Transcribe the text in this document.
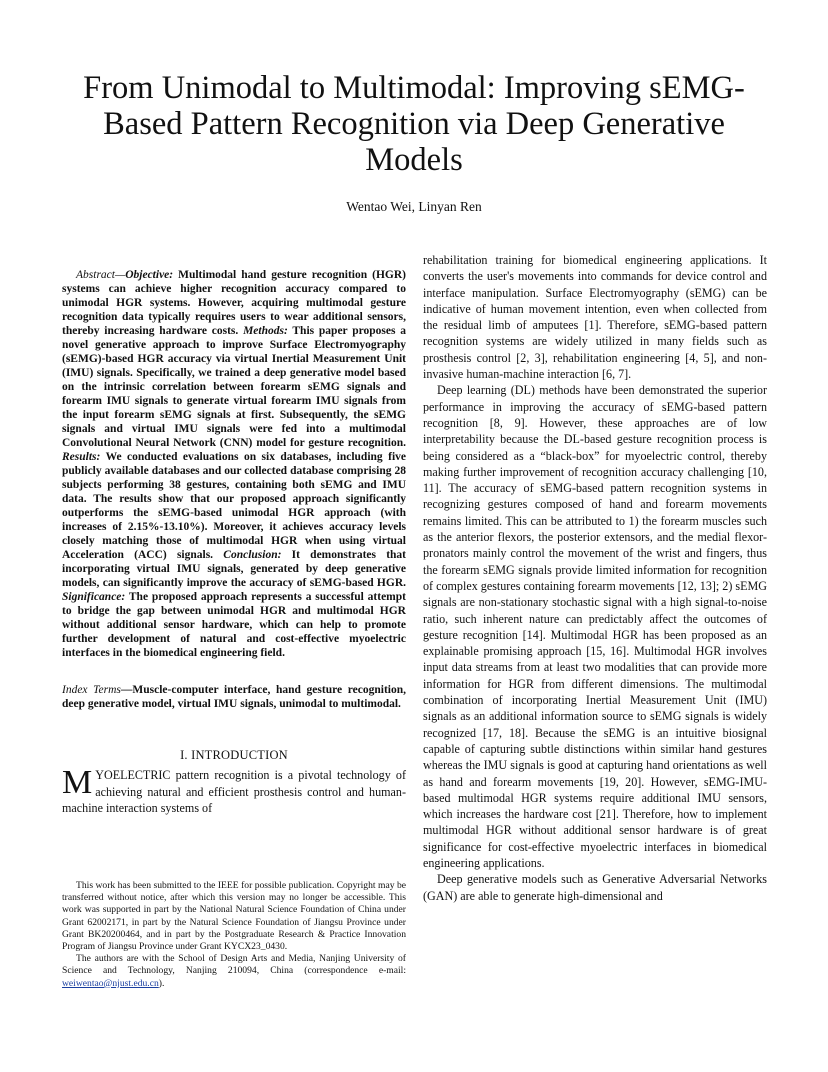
From Unimodal to Multimodal: Improving sEMG-Based Pattern Recognition via Deep Generative Models
Wentao Wei, Linyan Ren

Abstract—Objective: Multimodal hand gesture recognition (HGR) systems can achieve higher recognition accuracy compared to unimodal HGR systems. However, acquiring multimodal gesture recognition data typically requires users to wear additional sensors, thereby increasing hardware costs. Methods: This paper proposes a novel generative approach to improve Surface Electromyography (sEMG)-based HGR accuracy via virtual Inertial Measurement Unit (IMU) signals. Specifically, we trained a deep generative model based on the intrinsic correlation between forearm sEMG signals and forearm IMU signals to generate virtual forearm IMU signals from the input forearm sEMG signals at first. Subsequently, the sEMG signals and virtual IMU signals were fed into a multimodal Convolutional Neural Network (CNN) model for gesture recognition. Results: We conducted evaluations on six databases, including five publicly available databases and our collected database comprising 28 subjects performing 38 gestures, containing both sEMG and IMU data. The results show that our proposed approach significantly outperforms the sEMG-based unimodal HGR approach (with increases of 2.15%-13.10%). Moreover, it achieves accuracy levels closely matching those of multimodal HGR when using virtual Acceleration (ACC) signals. Conclusion: It demonstrates that incorporating virtual IMU signals, generated by deep generative models, can significantly improve the accuracy of sEMG-based HGR. Significance: The proposed approach represents a successful attempt to bridge the gap between unimodal HGR and multimodal HGR without additional sensor hardware, which can help to promote further development of natural and cost-effective myoelectric interfaces in the biomedical engineering field.

Index Terms—Muscle-computer interface, hand gesture recognition, deep generative model, virtual IMU signals, unimodal to multimodal.

I. INTRODUCTION

MYOELECTRIC pattern recognition is a pivotal technology of achieving natural and efficient prosthesis control and human-machine interaction systems of

This work has been submitted to the IEEE for possible publication. Copyright may be transferred without notice, after which this version may no longer be accessible. This work was supported in part by the National Natural Science Foundation of China under Grant 62002171, in part by the Natural Science Foundation of Jiangsu Province under Grant BK20200464, and in part by the Postgraduate Research & Practice Innovation Program of Jiangsu Province under Grant KYCX23_0430.

The authors are with the School of Design Arts and Media, Nanjing University of Science and Technology, Nanjing 210094, China (correspondence e-mail: weiwentao@njust.edu.cn).

rehabilitation training for biomedical engineering applications. It converts the user's movements into commands for device control and interface manipulation. Surface Electromyography (sEMG) can be indicative of human movement intention, even when collected from the residual limb of amputees [1]. Therefore, sEMG-based pattern recognition systems are widely utilized in many fields such as prosthesis control [2, 3], rehabilitation engineering [4, 5], and non-invasive human-machine interaction [6, 7].

Deep learning (DL) methods have been demonstrated the superior performance in improving the accuracy of sEMG-based pattern recognition [8, 9]. However, these approaches are of low interpretability because the DL-based gesture recognition process is being considered as a “black-box” for myoelectric control, thereby making further improvement of recognition accuracy challenging [10, 11]. The accuracy of sEMG-based pattern recognition systems in recognizing gestures composed of hand and forearm movements remains limited. This can be attributed to 1) the forearm muscles such as the anterior flexors, the posterior extensors, and the medial flexor-pronators mainly control the movement of the wrist and fingers, thus the forearm sEMG signals provide limited information for recognition of complex gestures containing forearm movements [12, 13]; 2) sEMG signals are non-stationary stochastic signal with a high signal-to-noise ratio, such inherent nature can predictably affect the outcomes of gesture recognition [14]. Multimodal HGR has been proposed as an explainable promising approach [15, 16]. Multimodal HGR involves input data streams from at least two modalities that can provide more information for HGR from different dimensions. The multimodal combination of incorporating Inertial Measurement Unit (IMU) signals as an additional information source to sEMG signals is widely recognized [17, 18]. Because the sEMG is an intuitive biosignal capable of capturing subtle distinctions within similar hand gestures whereas the IMU signals is good at capturing hand orientations as well as hand and forearm movements [19, 20]. However, sEMG-IMU-based multimodal HGR systems require additional IMU sensors, which increases the hardware cost [21]. Therefore, how to implement multimodal HGR without additional sensor hardware is of great significance for cost-effective myoelectric interfaces in biomedical engineering applications.

Deep generative models such as Generative Adversarial Networks (GAN) are able to generate high-dimensional and
